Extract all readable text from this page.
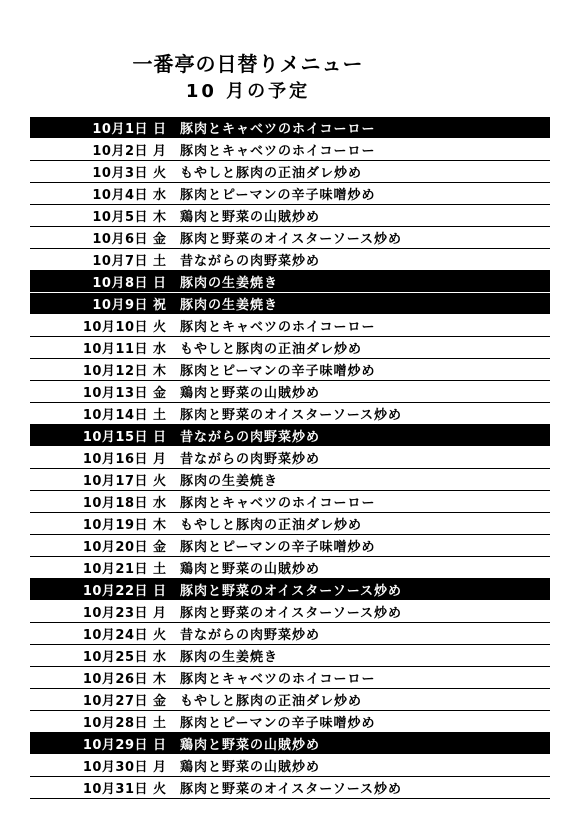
一番亭の日替りメニュー
10 月の予定
10月1日 日	豚肉とキャベツのホイコーロー
10月2日 月	豚肉とキャベツのホイコーロー
10月3日 火	もやしと豚肉の正油ダレ炒め
10月4日 水	豚肉とピーマンの辛子味噌炒め
10月5日 木	鶏肉と野菜の山賊炒め
10月6日 金	豚肉と野菜のオイスターソース炒め
10月7日 土	昔ながらの肉野菜炒め
10月8日 日	豚肉の生姜焼き
10月9日 祝	豚肉の生姜焼き
10月10日 火	豚肉とキャベツのホイコーロー
10月11日 水	もやしと豚肉の正油ダレ炒め
10月12日 木	豚肉とピーマンの辛子味噌炒め
10月13日 金	鶏肉と野菜の山賊炒め
10月14日 土	豚肉と野菜のオイスターソース炒め
10月15日 日	昔ながらの肉野菜炒め
10月16日 月	昔ながらの肉野菜炒め
10月17日 火	豚肉の生姜焼き
10月18日 水	豚肉とキャベツのホイコーロー
10月19日 木	もやしと豚肉の正油ダレ炒め
10月20日 金	豚肉とピーマンの辛子味噌炒め
10月21日 土	鶏肉と野菜の山賊炒め
10月22日 日	豚肉と野菜のオイスターソース炒め
10月23日 月	豚肉と野菜のオイスターソース炒め
10月24日 火	昔ながらの肉野菜炒め
10月25日 水	豚肉の生姜焼き
10月26日 木	豚肉とキャベツのホイコーロー
10月27日 金	もやしと豚肉の正油ダレ炒め
10月28日 土	豚肉とピーマンの辛子味噌炒め
10月29日 日	鶏肉と野菜の山賊炒め
10月30日 月	鶏肉と野菜の山賊炒め
10月31日 火	豚肉と野菜のオイスターソース炒め
